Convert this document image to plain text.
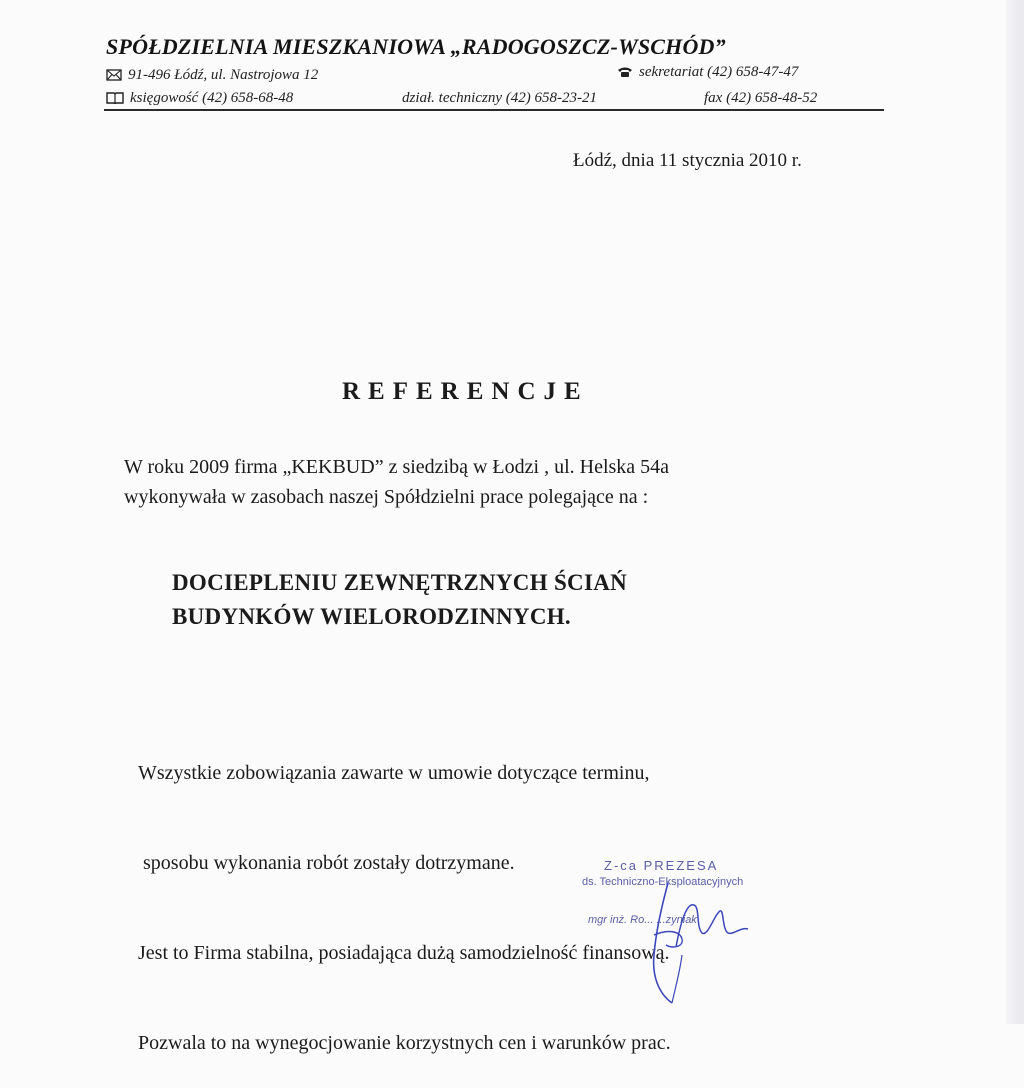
SPÓŁDZIELNIA MIESZKANIOWA „RADOGOSZCZ-WSCHÓD”
91-496 Łódź, ul. Nastrojowa 12	sekretariat (42) 658-47-47
księgowość (42) 658-68-48	dział. techniczny (42) 658-23-21	fax (42) 658-48-52
Łódź, dnia 11 stycznia 2010 r.
REFERENCJE
W roku 2009 firma „KEKBUD” z siedzibą w Łodzi , ul. Helska 54a
wykonywała w zasobach naszej Spółdzielni prace polegające na :
DOCIEPLENIU ZEWNĘTRZNYCH ŚCIAŃ
BUDYNKÓW WIELORODZINNYCH.

Wszystkie zobowiązania zawarte w umowie dotyczące terminu,

sposobu wykonania robót zostały dotrzymane.

Jest to Firma stabilna, posiadająca dużą samodzielność finansową.

Pozwala to na wynegocjowanie korzystnych cen i warunków prac.

Z-ca PREZESA
ds. Techniczno-Eksploatacyjnych
mgr inż. Ro... ...zyniak
